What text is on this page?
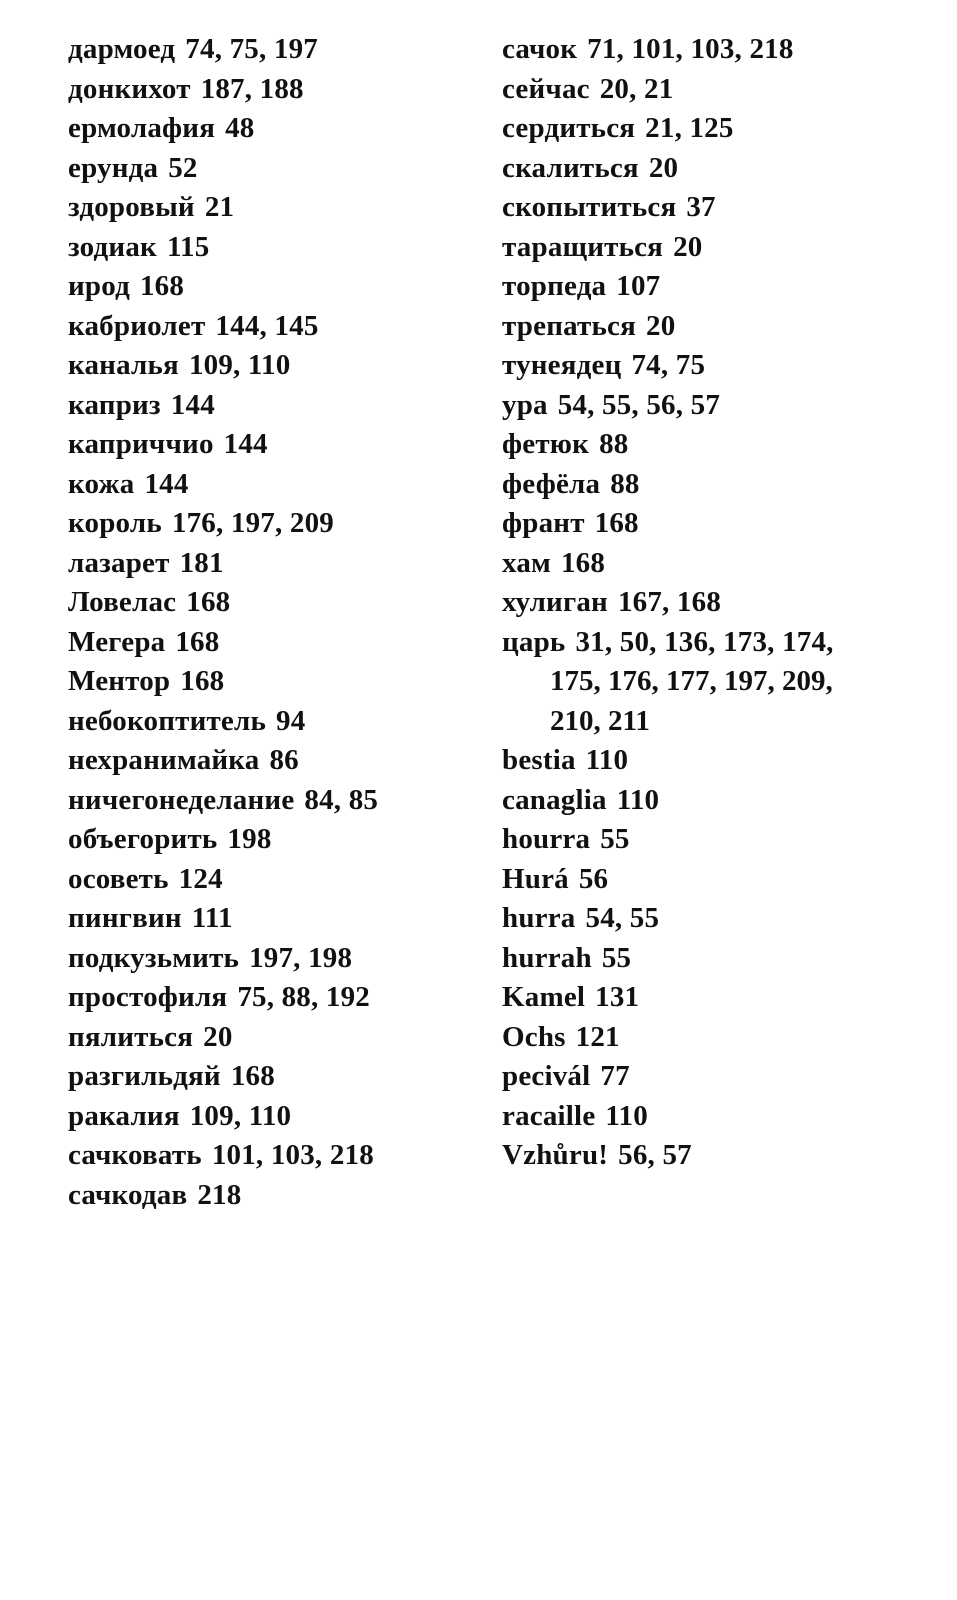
дармоед 74, 75, 197
донкихот 187, 188
ермолафия 48
ерунда 52
здоровый 21
зодиак 115
ирод 168
кабриолет 144, 145
каналья 109, 110
каприз 144
каприччио 144
кожа 144
король 176, 197, 209
лазарет 181
Ловелас 168
Мегера 168
Ментор 168
небокоптитель 94
нехранимайка 86
ничегонеделание 84, 85
объегорить 198
осоветь 124
пингвин 111
подкузьмить 197, 198
простофиля 75, 88, 192
пялиться 20
разгильдяй 168
ракалия 109, 110
сачковать 101, 103, 218
сачкодав 218
сачок 71, 101, 103, 218
сейчас 20, 21
сердиться 21, 125
скалиться 20
скопытиться 37
таращиться 20
торпеда 107
трепаться 20
тунеядец 74, 75
ура 54, 55, 56, 57
фетюк 88
фефёла 88
франт 168
хам 168
хулиган 167, 168
царь 31, 50, 136, 173, 174,
175, 176, 177, 197, 209,
210, 211
bestia 110
canaglia 110
hourra 55
Hurá 56
hurra 54, 55
hurrah 55
Kamel 131
Ochs 121
pecivál 77
racaille 110
Vzhůru! 56, 57
